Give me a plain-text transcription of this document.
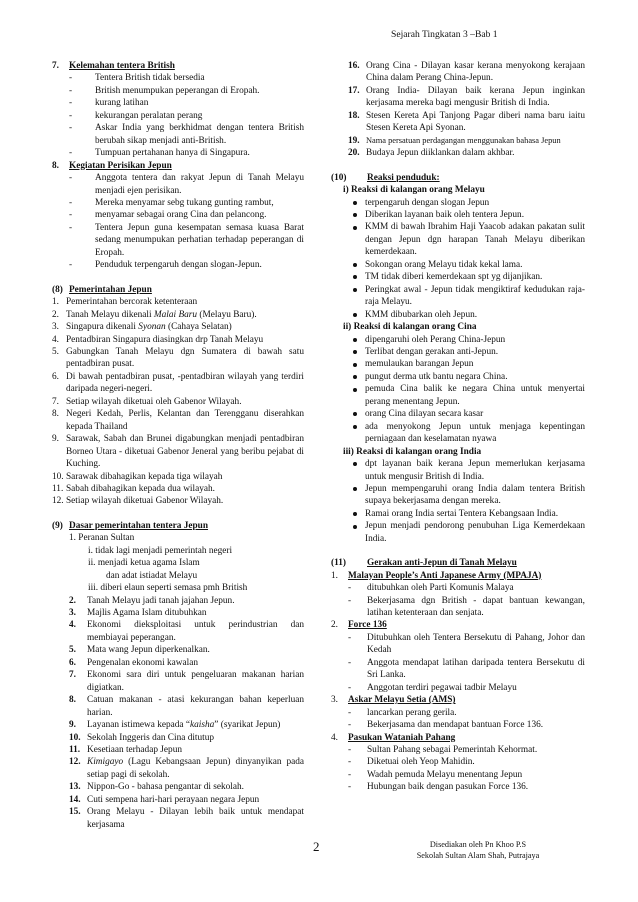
Sejarah Tingkatan 3 –Bab 1
7.	Kelemahan tentera British
-	Tentera British tidak bersedia
-	British menumpukan peperangan di Eropah.
-	kurang latihan
-	kekurangan peralatan perang
-	Askar India yang berkhidmat dengan tentera British berubah sikap menjadi anti-British.
-	Tumpuan pertahanan hanya di Singapura.
8.	Kegiatan Perisikan Jepun
-	Anggota tentera dan rakyat Jepun di Tanah Melayu menjadi ejen perisikan.
-	Mereka menyamar sebg tukang gunting rambut,
-	menyamar sebagai orang Cina dan pelancong.
-	Tentera Jepun guna kesempatan semasa kuasa Barat sedang menumpukan perhatian terhadap peperangan di Eropah.
-	Penduduk terpengaruh dengan slogan-Jepun.
(8) Pemerintahan Jepun
1. Pemerintahan bercorak ketenteraan
2. Tanah Melayu dikenali Malai Baru (Melayu Baru).
3. Singapura dikenali Syonan (Cahaya Selatan)
4. Pentadbiran Singapura diasingkan drp Tanah Melayu
5. Gabungkan Tanah Melayu dgn Sumatera di bawah satu pentadbiran pusat.
6. Di bawah pentadbiran pusat, -pentadbiran wilayah yang terdiri daripada negeri-negeri.
7. Setiap wilayah diketuai oleh Gabenor Wilayah.
8. Negeri Kedah, Perlis, Kelantan dan Terengganu diserahkan kepada Thailand
9. Sarawak, Sabah dan Brunei digabungkan menjadi pentadbiran Borneo Utara - diketuai Gabenor Jeneral yang beribu pejabat di Kuching.
10. Sarawak dibahagikan kepada tiga wilayah
11. Sabah dibahagikan kepada dua wilayah.
12. Setiap wilayah diketuai Gabenor Wilayah.
(9) Dasar pemerintahan tentera Jepun
1. Peranan Sultan
i. tidak lagi menjadi pemerintah negeri
ii. menjadi ketua agama Islam
dan adat istiadat Melayu
iii. diberi elaun seperti semasa pmh British
2.	Tanah Melayu jadi tanah jajahan Jepun.
3.	Majlis Agama Islam ditubuhkan
4.	Ekonomi dieksploitasi untuk perindustrian dan membiayai peperangan.
5.	Mata wang Jepun diperkenalkan.
6.	Pengenalan ekonomi kawalan
7.	Ekonomi sara diri untuk pengeluaran makanan harian digiatkan.
8.	Catuan makanan - atasi kekurangan bahan keperluan harian.
9.	Layanan istimewa kepada “kaisha” (syarikat Jepun)
10. Sekolah Inggeris dan Cina ditutup
11. Kesetiaan terhadap Jepun
12. Kimigayo (Lagu Kebangsaan Jepun) dinyanyikan pada setiap pagi di sekolah.
13. Nippon-Go - bahasa pengantar di sekolah.
14. Cuti sempena hari-hari perayaan negara Jepun
15. Orang Melayu - Dilayan lebih baik untuk mendapat kerjasama
16. Orang Cina - Dilayan kasar kerana menyokong kerajaan China dalam Perang China-Jepun.
17. Orang India- Dilayan baik kerana Jepun inginkan kerjasama mereka bagi mengusir British di India.
18. Stesen Kereta Api Tanjong Pagar diberi nama baru iaitu Stesen Kereta Api Syonan.
19. Nama persatuan perdagangan menggunakan bahasa Jepun
20. Budaya Jepun diiklankan dalam akhbar.
(10)	Reaksi penduduk:
i) Reaksi di kalangan orang Melayu
terpengaruh dengan slogan Jepun
Diberikan layanan baik oleh tentera Jepun.
KMM di bawah Ibrahim Haji Yaacob adakan pakatan sulit dengan Jepun dgn harapan Tanah Melayu diberikan kemerdekaan.
Sokongan orang Melayu tidak kekal lama.
TM tidak diberi kemerdekaan spt yg dijanjikan.
Peringkat awal - Jepun tidak mengiktiraf kedudukan raja-raja Melayu.
KMM dibubarkan oleh Jepun.
ii) Reaksi di kalangan orang Cina
dipengaruhi oleh Perang China-Jepun
Terlibat dengan gerakan anti-Jepun.
memulaukan barangan Jepun
pungut derma utk bantu negara China.
pemuda Cina balik ke negara China untuk menyertai perang menentang Jepun.
orang Cina dilayan secara kasar
ada menyokong Jepun untuk menjaga kepentingan perniagaan dan keselamatan nyawa
iii) Reaksi di kalangan orang India
dpt layanan baik kerana Jepun memerlukan kerjasama untuk mengusir British di India.
Jepun mempengaruhi orang India dalam tentera British supaya bekerjasama dengan mereka.
Ramai orang India sertai Tentera Kebangsaan India.
Jepun menjadi pendorong penubuhan Liga Kemerdekaan India.
(11)	Gerakan anti-Jepun di Tanah Melayu
1.	Malayan People’s Anti Japanese Army (MPAJA)
-	ditubuhkan oleh Parti Komunis Malaya
-	Bekerjasama dgn British - dapat bantuan kewangan, latihan ketenteraan dan senjata.
2.	Force 136
-	Ditubuhkan oleh Tentera Bersekutu di Pahang, Johor dan Kedah
-	Anggota mendapat latihan daripada tentera Bersekutu di Sri Lanka.
-	Anggotan terdiri pegawai tadbir Melayu
3.	Askar Melayu Setia (AMS)
-	lancarkan perang gerila.
-	Bekerjasama dan mendapat bantuan Force 136.
4.	Pasukan Wataniah Pahang
-	Sultan Pahang sebagai Pemerintah Kehormat.
-	Diketuai oleh Yeop Mahidin.
-	Wadah pemuda Melayu menentang Jepun
-	Hubungan baik dengan pasukan Force 136.
2	Disediakan oleh Pn Khoo P.S
Sekolah Sultan Alam Shah, Putrajaya
